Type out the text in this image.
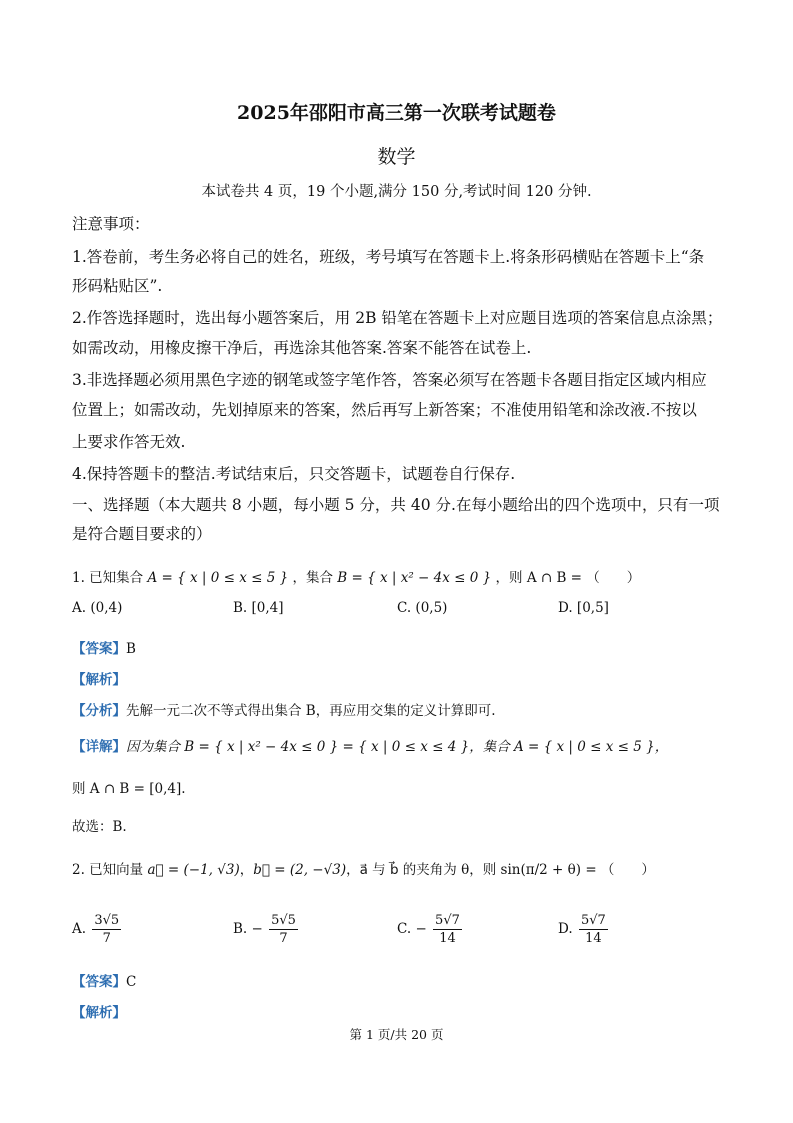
2025年邵阳市高三第一次联考试题卷
数学
本试卷共 4 页，19 个小题,满分 150 分,考试时间 120 分钟.
注意事项：
1.答卷前，考生务必将自己的姓名，班级，考号填写在答题卡上.将条形码横贴在答题卡上“条
形码粘贴区”.
2.作答选择题时，选出每小题答案后，用 2B 铅笔在答题卡上对应题目选项的答案信息点涂黑；
如需改动，用橡皮擦干净后，再选涂其他答案.答案不能答在试卷上.
3.非选择题必须用黑色字迹的钢笔或签字笔作答，答案必须写在答题卡各题目指定区域内相应
位置上；如需改动，先划掉原来的答案，然后再写上新答案；不准使用铅笔和涂改液.不按以
上要求作答无效.
4.保持答题卡的整洁.考试结束后，只交答题卡，试题卷自行保存.
一、选择题（本大题共 8 小题，每小题 5 分，共 40 分.在每小题给出的四个选项中，只有一项
是符合题目要求的）
1. 已知集合 A = { x | 0 ≤ x ≤ 5 } ，集合 B = { x | x² − 4x ≤ 0 } ，则 A ∩ B = （　　）
A. (0,4)	B. [0,4]	C. (0,5)	D. [0,5]
【答案】B
【解析】
【分析】先解一元二次不等式得出集合 B，再应用交集的定义计算即可.
【详解】因为集合 B = { x | x² − 4x ≤ 0 } = { x | 0 ≤ x ≤ 4 }，集合 A = { x | 0 ≤ x ≤ 5 }，
则 A ∩ B = [0,4].
故选：B.
2. 已知向量 a⃗ = (−1, √3)，b⃗ = (2, −√3)，a⃗ 与 b⃗ 的夹角为 θ，则 sin(π/2 + θ) = （　　）
A. $\frac{3√5}{7}$	B. − $\frac{5√5}{7}$	C. − $\frac{5√7}{14}$	D. $\frac{5√7}{14}$
【答案】C
【解析】
第 1 页/共 20 页
